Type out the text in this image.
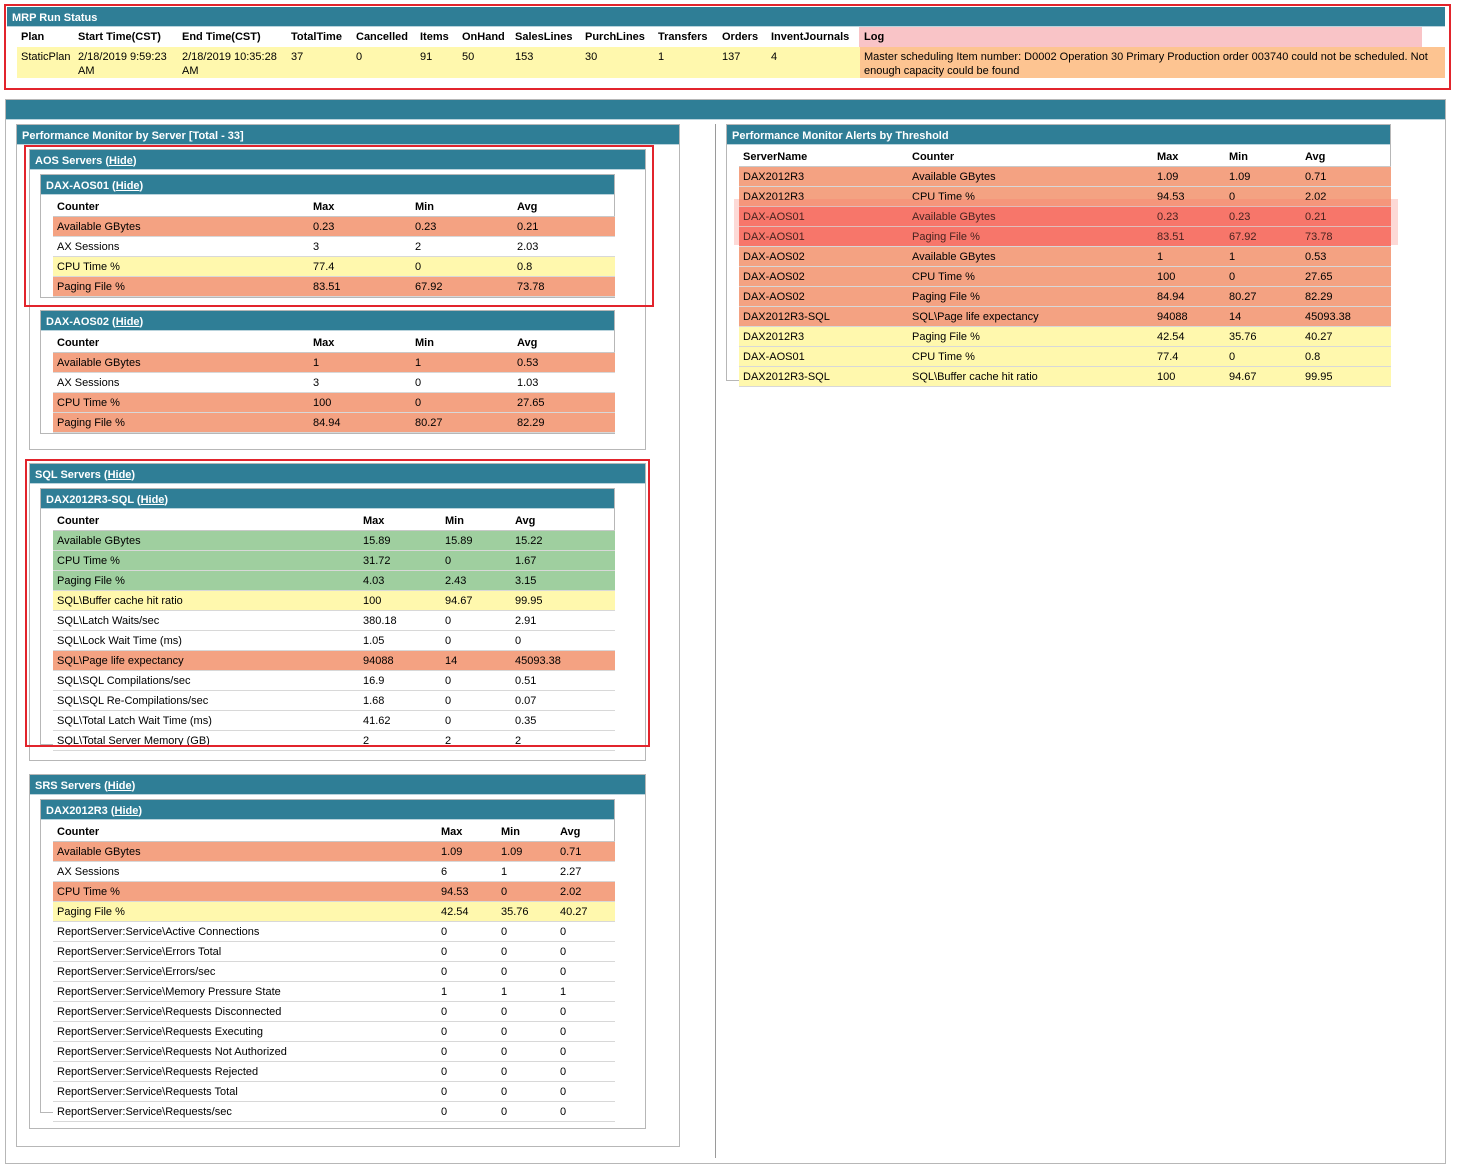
MRP Run Status
Plan	Start Time(CST)	End Time(CST)	TotalTime	Cancelled	Items	OnHand	SalesLines	PurchLines	Transfers	Orders	InventJournals	Log
StaticPlan	2/18/2019 9:59:23 AM	2/18/2019 10:35:28 AM	37	0	91	50	153	30	1	137	4	Master scheduling Item number: D0002 Operation 30 Primary Production order 003740 could not be scheduled. Not enough capacity could be found
Performance Monitor by Server [Total - 33]
AOS Servers (Hide)
DAX-AOS01 (Hide)
Counter	Max	Min	Avg
Available GBytes	0.23	0.23	0.21
AX Sessions	3	2	2.03
CPU Time %	77.4	0	0.8
Paging File %	83.51	67.92	73.78
DAX-AOS02 (Hide)
Counter	Max	Min	Avg
Available GBytes	1	1	0.53
AX Sessions	3	0	1.03
CPU Time %	100	0	27.65
Paging File %	84.94	80.27	82.29
SQL Servers (Hide)
DAX2012R3-SQL (Hide)
Counter	Max	Min	Avg
Available GBytes	15.89	15.89	15.22
CPU Time %	31.72	0	1.67
Paging File %	4.03	2.43	3.15
SQL\Buffer cache hit ratio	100	94.67	99.95
SQL\Latch Waits/sec	380.18	0	2.91
SQL\Lock Wait Time (ms)	1.05	0	0
SQL\Page life expectancy	94088	14	45093.38
SQL\SQL Compilations/sec	16.9	0	0.51
SQL\SQL Re-Compilations/sec	1.68	0	0.07
SQL\Total Latch Wait Time (ms)	41.62	0	0.35
SQL\Total Server Memory (GB)	2	2	2
SRS Servers (Hide)
DAX2012R3 (Hide)
Counter	Max	Min	Avg
Available GBytes	1.09	1.09	0.71
AX Sessions	6	1	2.27
CPU Time %	94.53	0	2.02
Paging File %	42.54	35.76	40.27
ReportServer:Service\Active Connections	0	0	0
ReportServer:Service\Errors Total	0	0	0
ReportServer:Service\Errors/sec	0	0	0
ReportServer:Service\Memory Pressure State	1	1	1
ReportServer:Service\Requests Disconnected	0	0	0
ReportServer:Service\Requests Executing	0	0	0
ReportServer:Service\Requests Not Authorized	0	0	0
ReportServer:Service\Requests Rejected	0	0	0
ReportServer:Service\Requests Total	0	0	0
ReportServer:Service\Requests/sec	0	0	0
Performance Monitor Alerts by Threshold
ServerName	Counter	Max	Min	Avg
DAX2012R3	Available GBytes	1.09	1.09	0.71
DAX2012R3	CPU Time %	94.53	0	2.02
DAX-AOS01	Available GBytes	0.23	0.23	0.21
DAX-AOS01	Paging File %	83.51	67.92	73.78
DAX-AOS02	Available GBytes	1	1	0.53
DAX-AOS02	CPU Time %	100	0	27.65
DAX-AOS02	Paging File %	84.94	80.27	82.29
DAX2012R3-SQL	SQL\Page life expectancy	94088	14	45093.38
DAX2012R3	Paging File %	42.54	35.76	40.27
DAX-AOS01	CPU Time %	77.4	0	0.8
DAX2012R3-SQL	SQL\Buffer cache hit ratio	100	94.67	99.95
